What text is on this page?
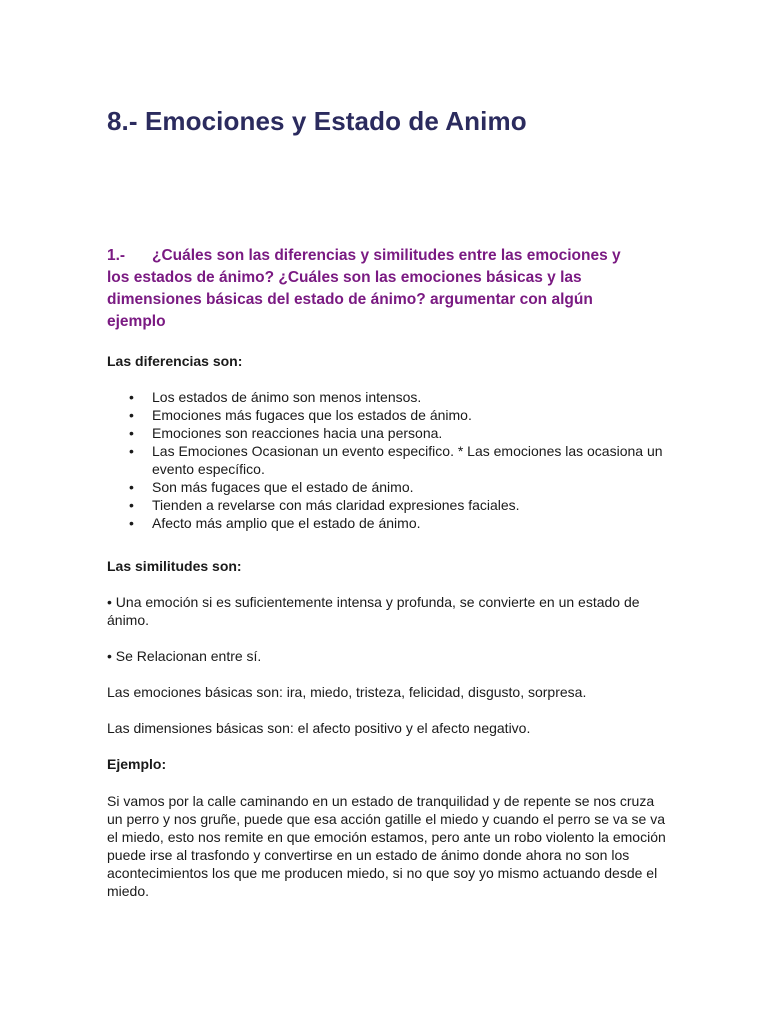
8.- Emociones y Estado de Animo

1.- ¿Cuáles son las diferencias y similitudes entre las emociones y los estados de ánimo? ¿Cuáles son las emociones básicas y las dimensiones básicas del estado de ánimo? argumentar con algún ejemplo

Las diferencias son:

• Los estados de ánimo son menos intensos.
• Emociones más fugaces que los estados de ánimo.
• Emociones son reacciones hacia una persona.
• Las Emociones Ocasionan un evento especifico. * Las emociones las ocasiona un evento específico.
• Son más fugaces que el estado de ánimo.
• Tienden a revelarse con más claridad expresiones faciales.
• Afecto más amplio que el estado de ánimo.

Las similitudes son:

• Una emoción si es suficientemente intensa y profunda, se convierte en un estado de ánimo.

• Se Relacionan entre sí.

Las emociones básicas son: ira, miedo, tristeza, felicidad, disgusto, sorpresa.

Las dimensiones básicas son: el afecto positivo y el afecto negativo.

Ejemplo:

Si vamos por la calle caminando en un estado de tranquilidad y de repente se nos cruza un perro y nos gruñe, puede que esa acción gatille el miedo y cuando el perro se va se va el miedo, esto nos remite en que emoción estamos, pero ante un robo violento la emoción puede irse al trasfondo y convertirse en un estado de ánimo donde ahora no son los acontecimientos los que me producen miedo, si no que soy yo mismo actuando desde el miedo.
